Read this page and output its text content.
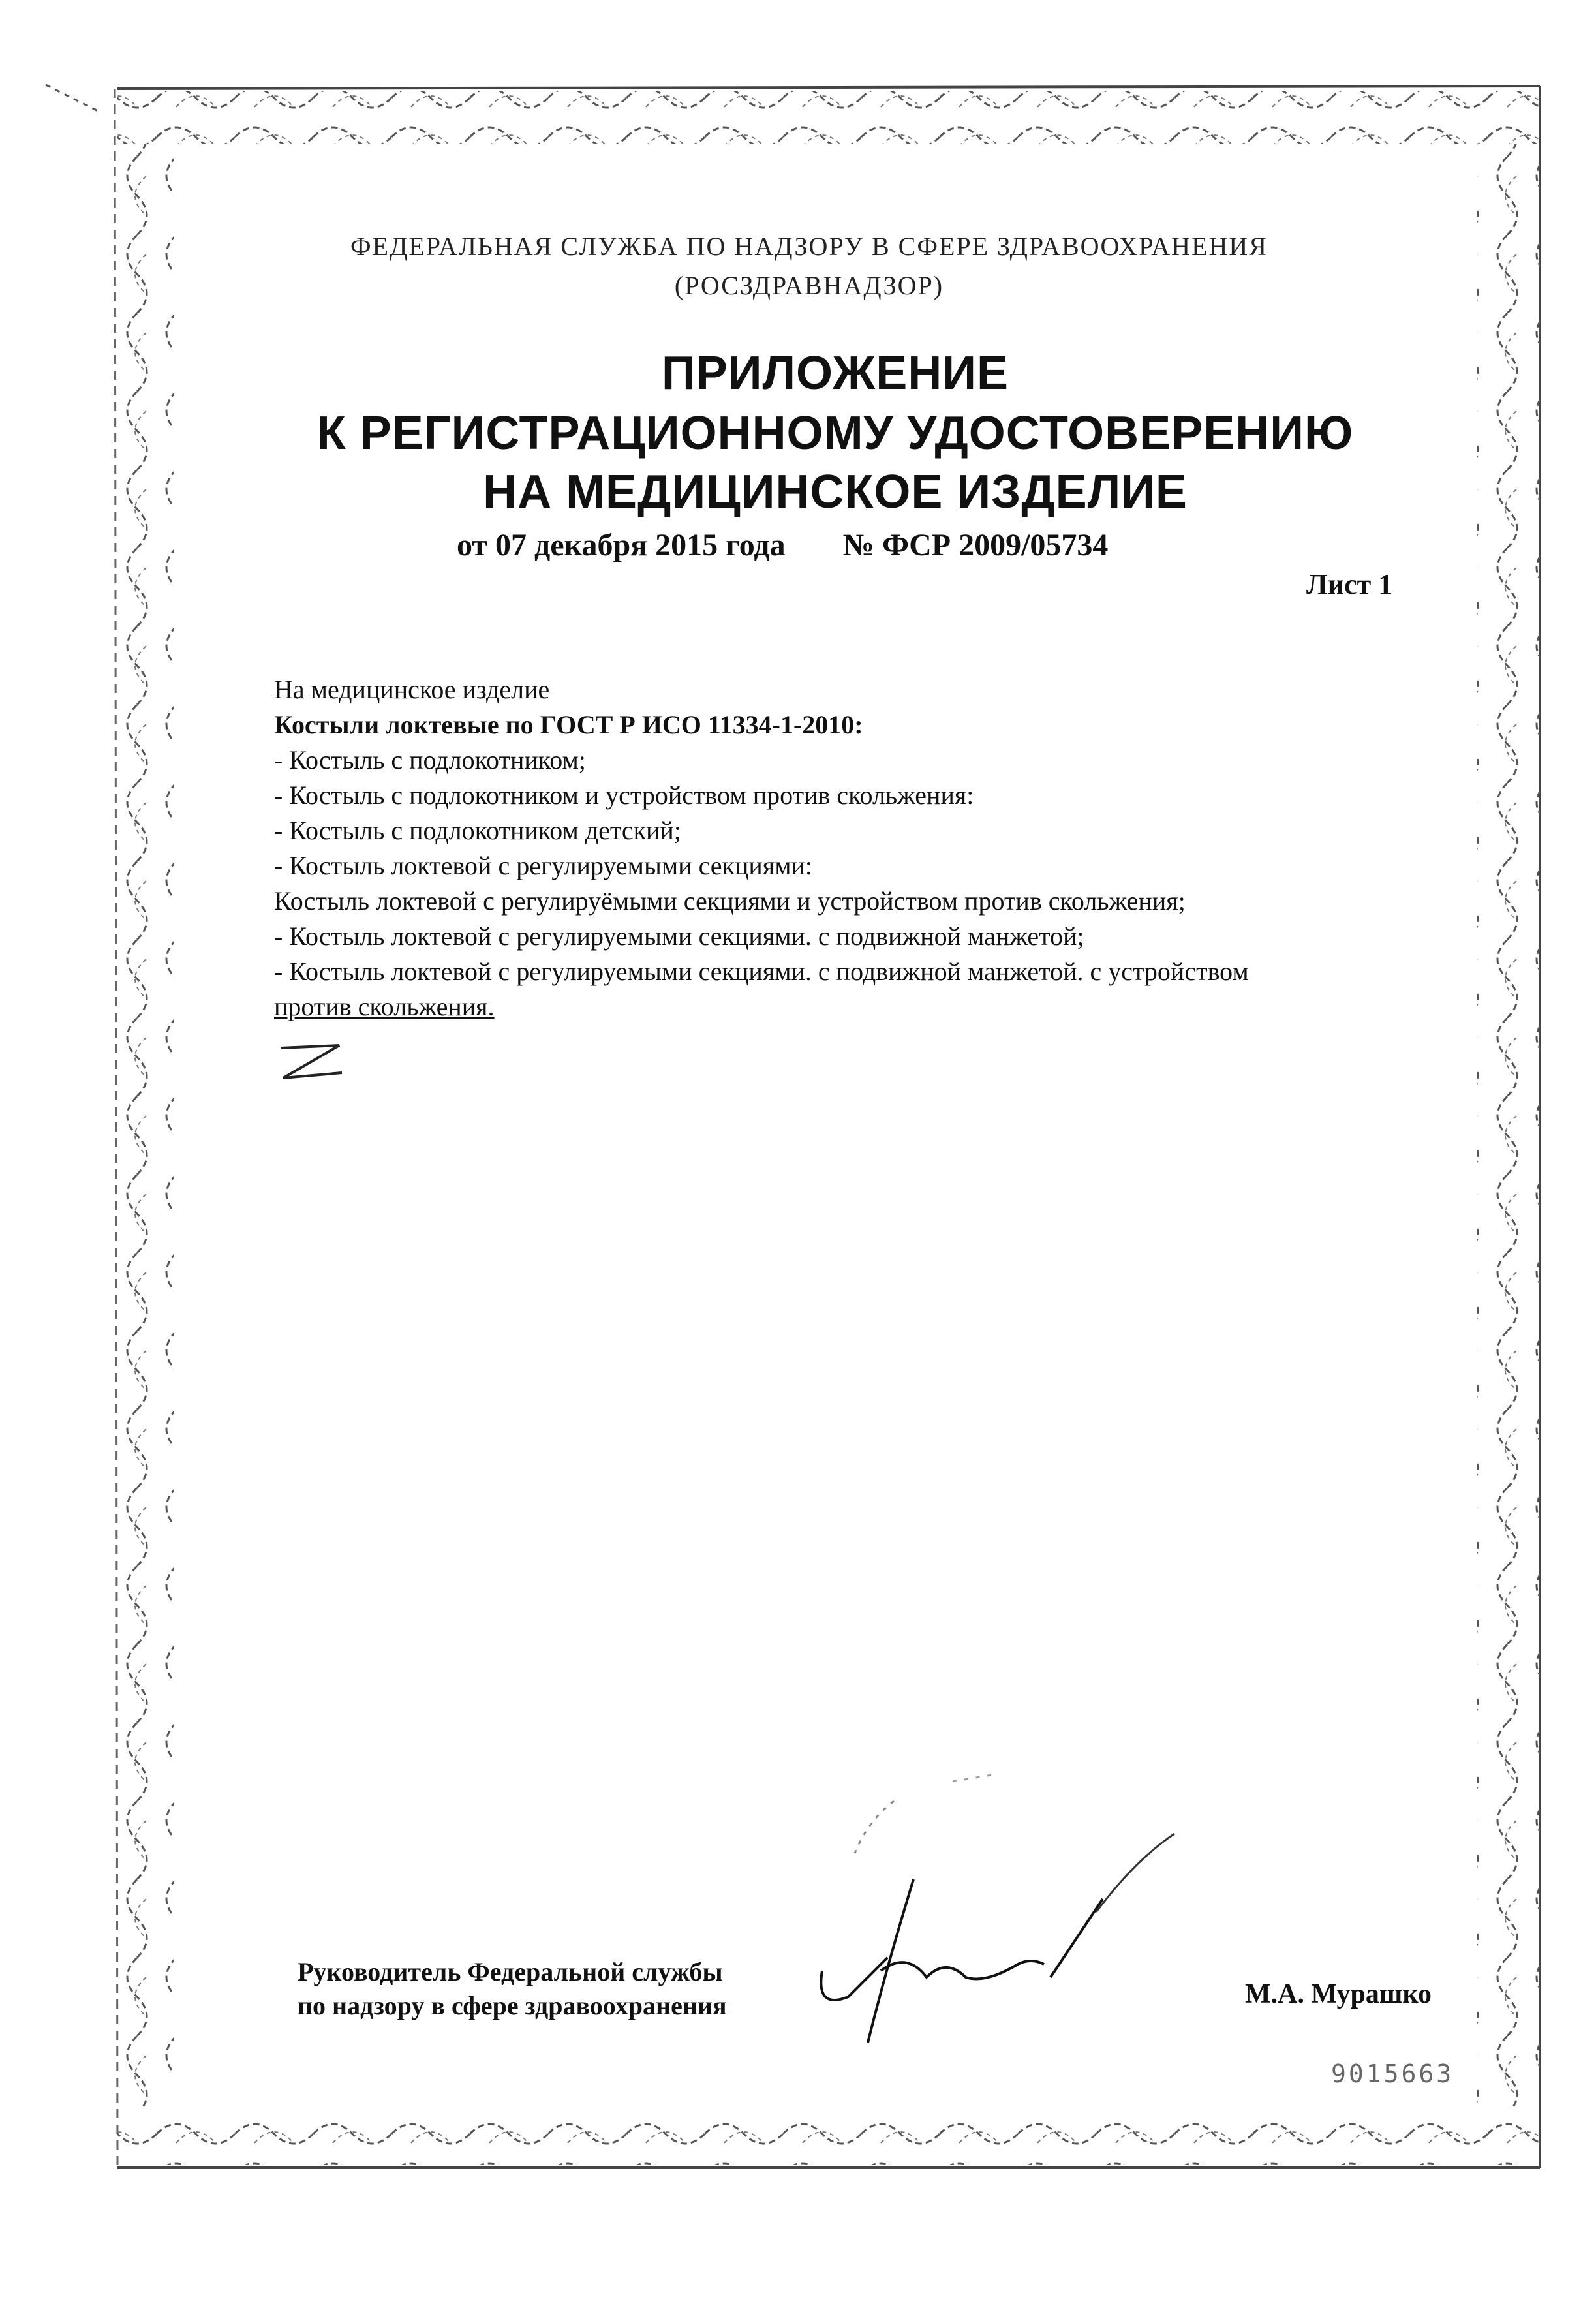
ФЕДЕРАЛЬНАЯ СЛУЖБА ПО НАДЗОРУ В СФЕРЕ ЗДРАВООХРАНЕНИЯ
(РОСЗДРАВНАДЗОР)
ПРИЛОЖЕНИЕ
К РЕГИСТРАЦИОННОМУ УДОСТОВЕРЕНИЮ
НА МЕДИЦИНСКОЕ ИЗДЕЛИЕ
от 07 декабря 2015 года № ФСР 2009/05734
Лист 1
На медицинское изделие
Костыли локтевые по ГОСТ Р ИСО 11334-1-2010:
- Костыль с подлокотником;
- Костыль с подлокотником и устройством против скольжения:
- Костыль с подлокотником детский;
- Костыль локтевой с регулируемыми секциями:
Костыль локтевой с регулируёмыми секциями и устройством против скольжения;
- Костыль локтевой с регулируемыми секциями. с подвижной манжетой;
- Костыль локтевой с регулируемыми секциями. с подвижной манжетой. с устройством
против скольжения.
Руководитель Федеральной службы
по надзору в сфере здравоохранения	М.А. Мурашко
9015663
